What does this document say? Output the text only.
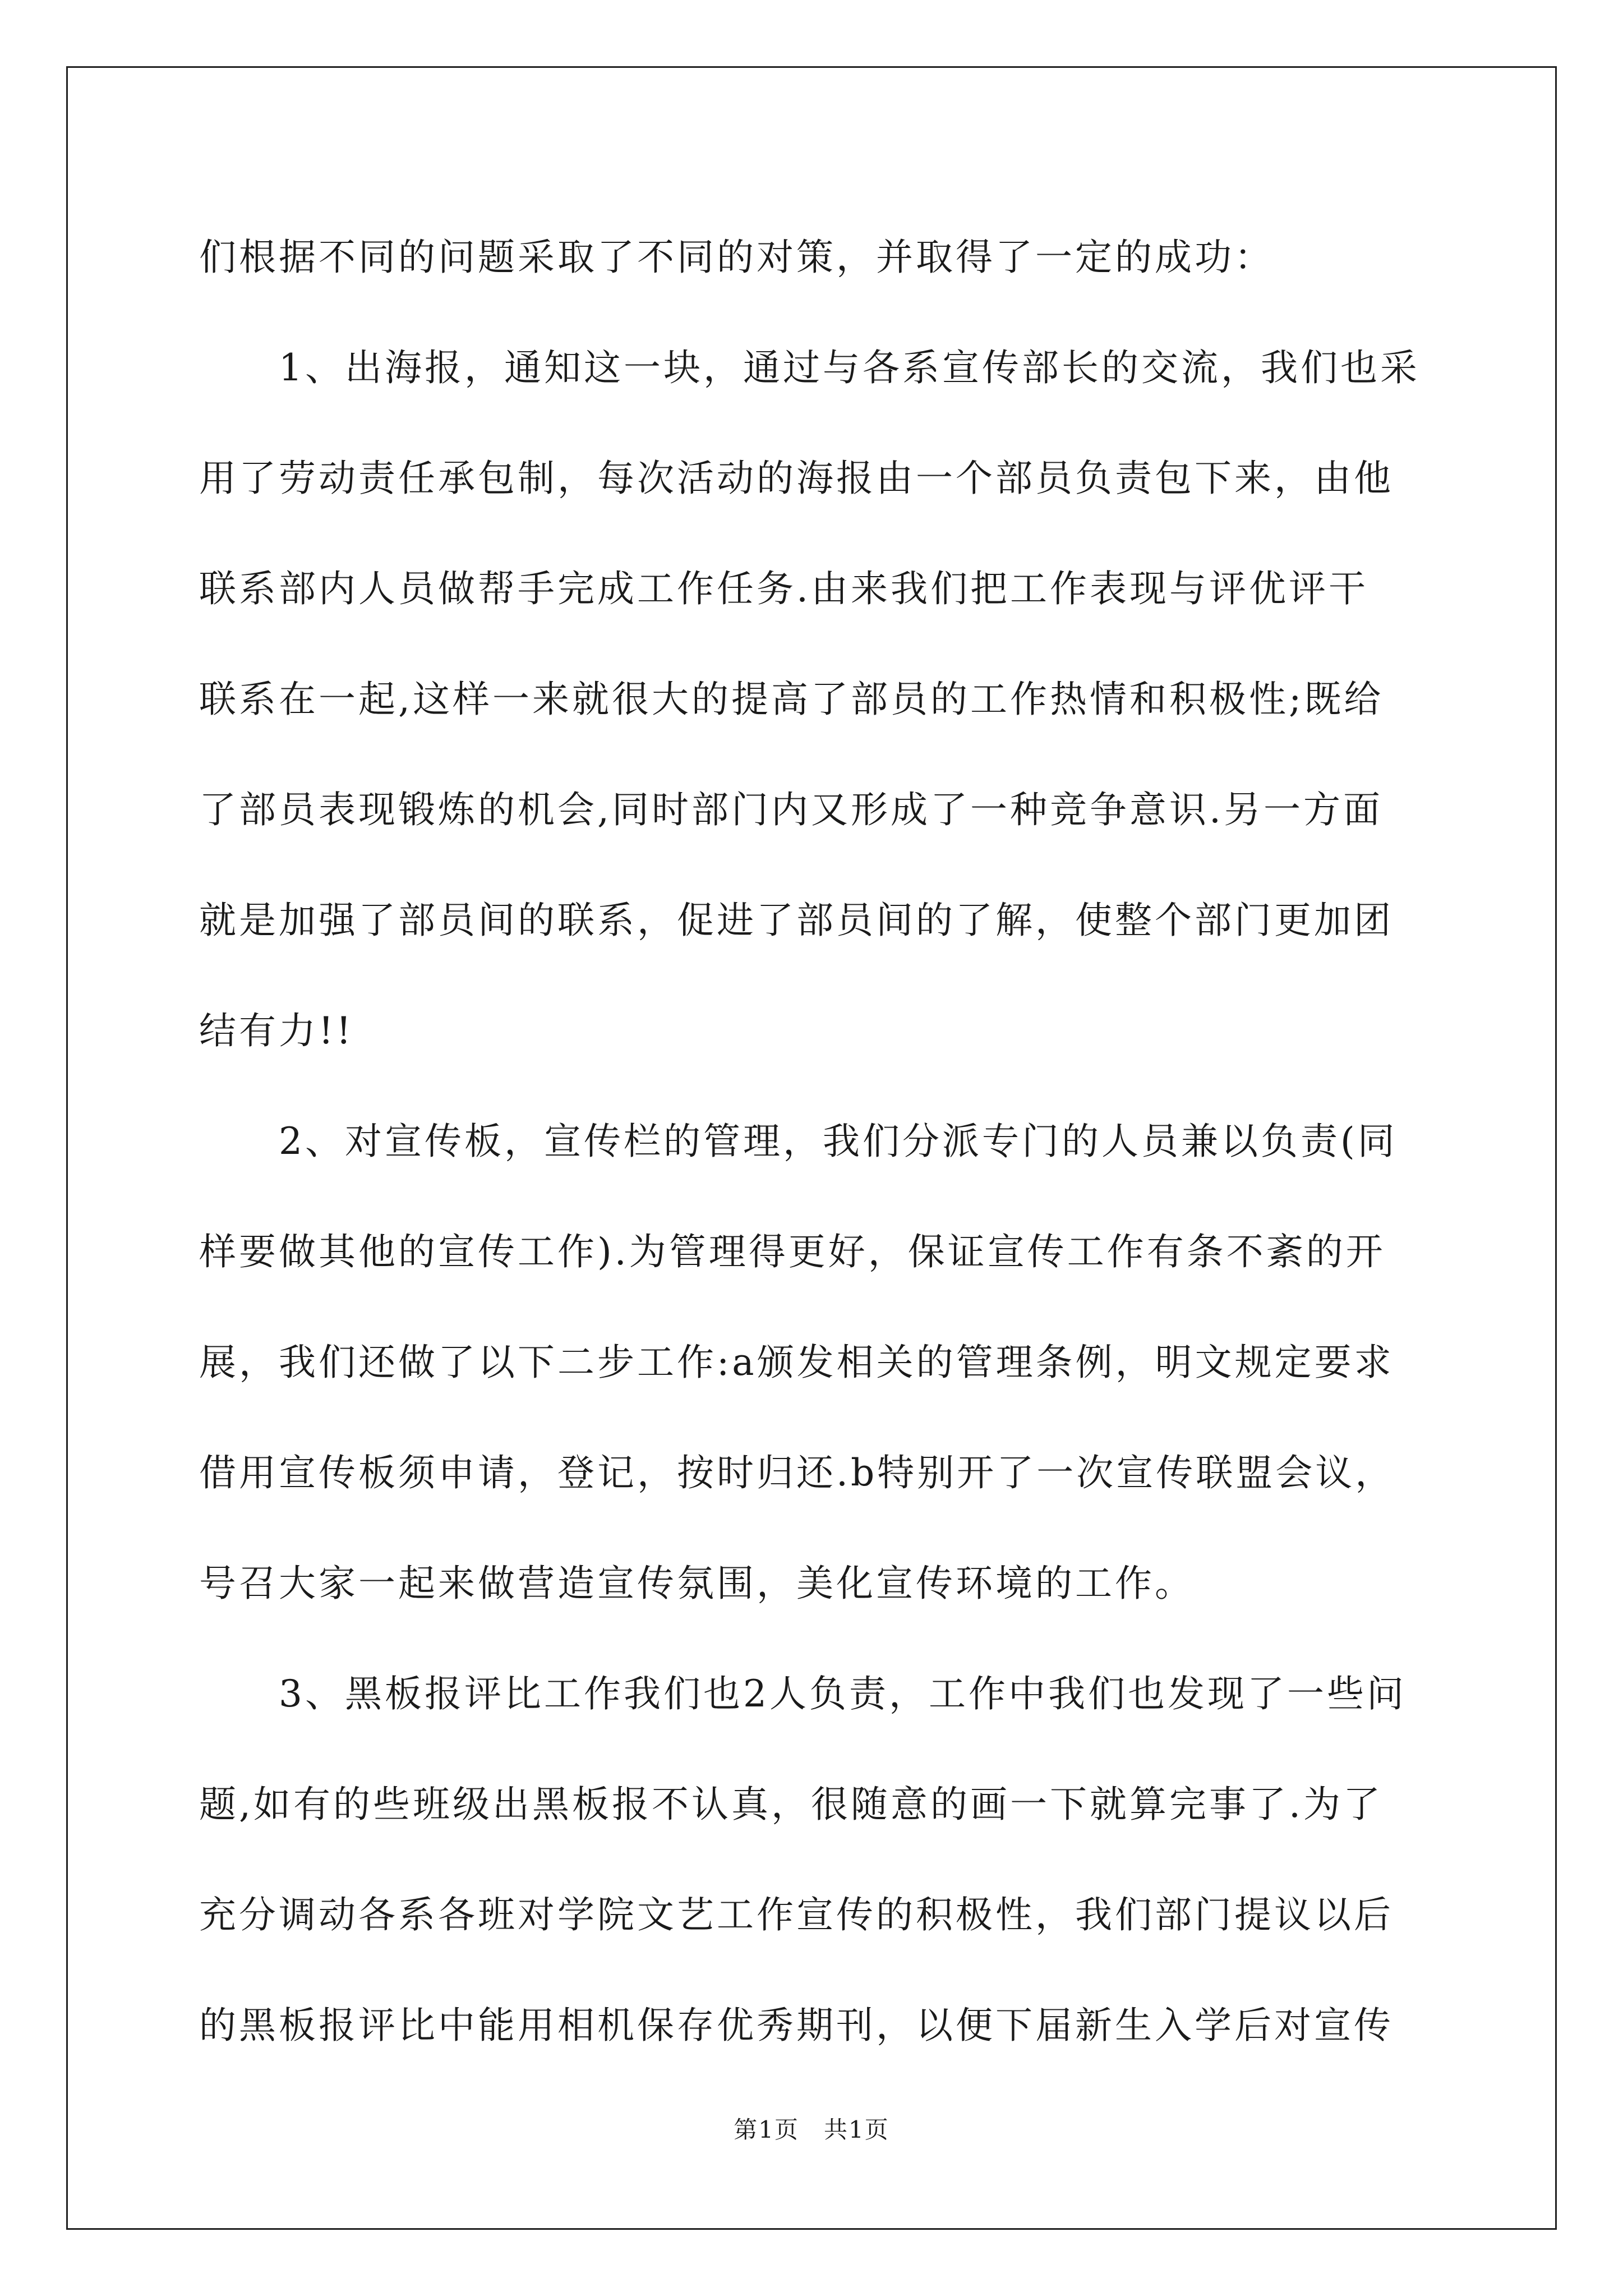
们根据不同的问题采取了不同的对策，并取得了一定的成功：
　　1、出海报，通知这一块，通过与各系宣传部长的交流，我们也采
用了劳动责任承包制，每次活动的海报由一个部员负责包下来，由他
联系部内人员做帮手完成工作任务.由来我们把工作表现与评优评干
联系在一起,这样一来就很大的提高了部员的工作热情和积极性;既给
了部员表现锻炼的机会,同时部门内又形成了一种竞争意识.另一方面
就是加强了部员间的联系，促进了部员间的了解，使整个部门更加团
结有力!!
　　2、对宣传板，宣传栏的管理，我们分派专门的人员兼以负责(同
样要做其他的宣传工作).为管理得更好，保证宣传工作有条不紊的开
展，我们还做了以下二步工作:a颁发相关的管理条例，明文规定要求
借用宣传板须申请，登记，按时归还.b特别开了一次宣传联盟会议，
号召大家一起来做营造宣传氛围，美化宣传环境的工作。
　　3、黑板报评比工作我们也2人负责，工作中我们也发现了一些问
题,如有的些班级出黑板报不认真，很随意的画一下就算完事了.为了
充分调动各系各班对学院文艺工作宣传的积极性，我们部门提议以后
的黑板报评比中能用相机保存优秀期刊，以便下届新生入学后对宣传
第1页　共1页
